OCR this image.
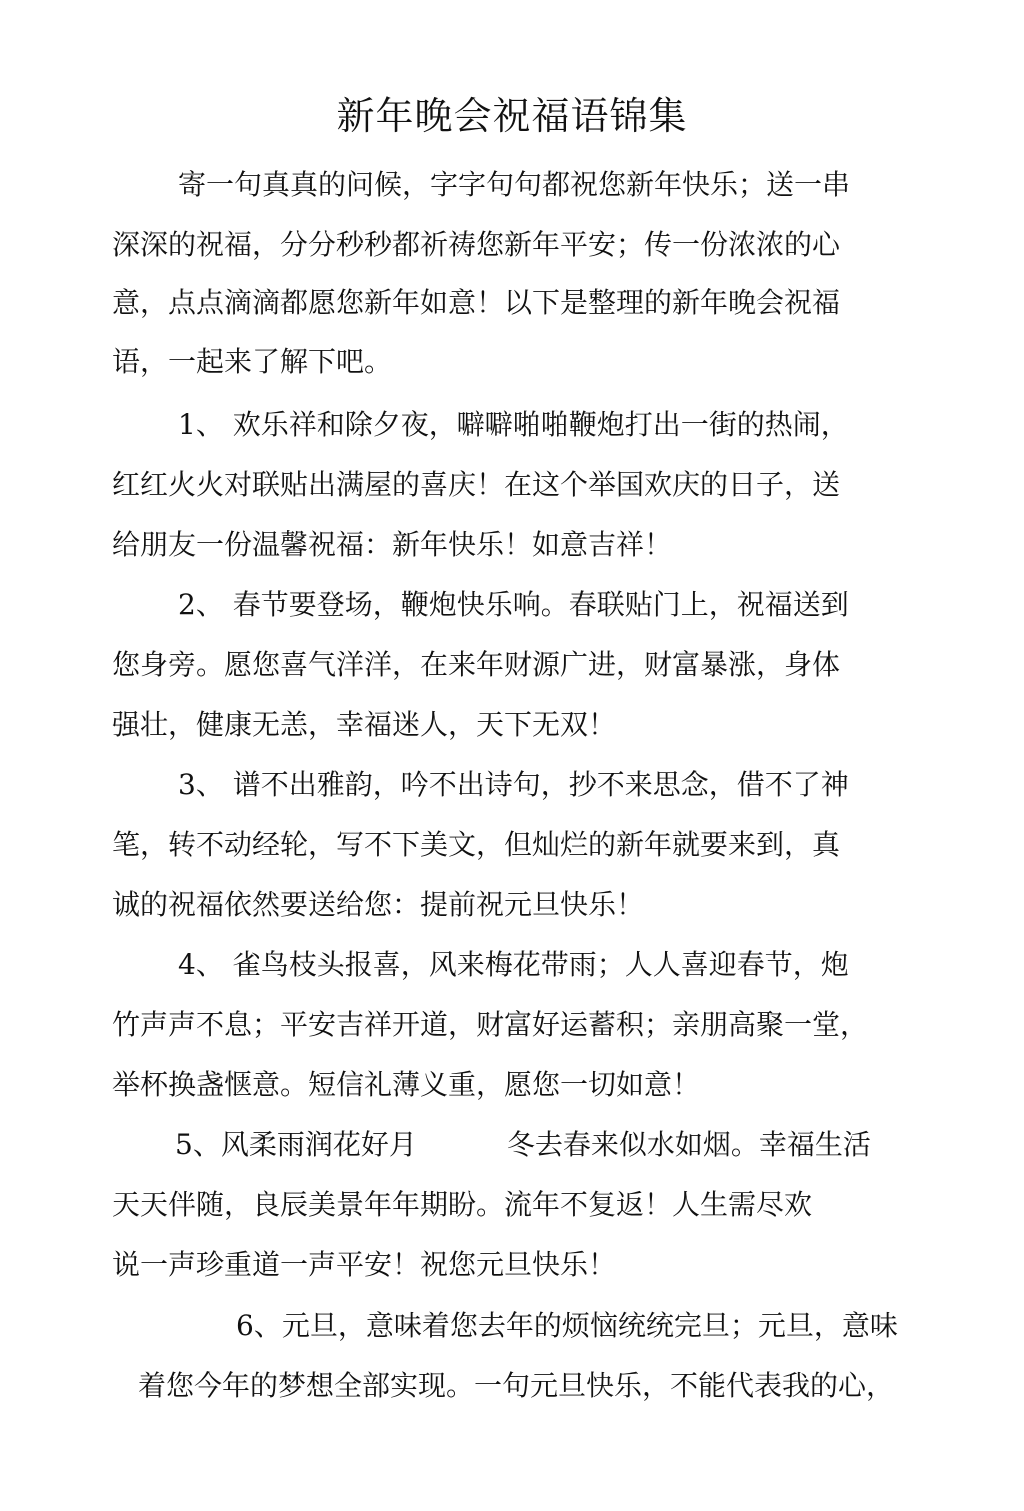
新年晚会祝福语锦集

寄一句真真的问候，字字句句都祝您新年快乐；送一串

深深的祝福，分分秒秒都祈祷您新年平安；传一份浓浓的心

意，点点滴滴都愿您新年如意！以下是整理的新年晚会祝福

语，一起来了解下吧。

1、 欢乐祥和除夕夜，噼噼啪啪鞭炮打出一街的热闹，

红红火火对联贴出满屋的喜庆！在这个举国欢庆的日子，送

给朋友一份温馨祝福：新年快乐！如意吉祥！

2、 春节要登场，鞭炮快乐响。春联贴门上，祝福送到

您身旁。愿您喜气洋洋，在来年财源广进，财富暴涨，身体

强壮，健康无恙，幸福迷人，天下无双！

3、 谱不出雅韵，吟不出诗句，抄不来思念，借不了神

笔，转不动经轮，写不下美文，但灿烂的新年就要来到，真

诚的祝福依然要送给您：提前祝元旦快乐！

4、 雀鸟枝头报喜，风来梅花带雨；人人喜迎春节，炮

竹声声不息；平安吉祥开道，财富好运蓄积；亲朋高聚一堂，

举杯换盏惬意。短信礼薄义重，愿您一切如意！

5、风柔雨润花好月	冬去春来似水如烟。幸福生活

天天伴随，良辰美景年年期盼。流年不复返！人生需尽欢

说一声珍重道一声平安！祝您元旦快乐！

6、元旦，意味着您去年的烦恼统统完旦；元旦，意味

着您今年的梦想全部实现。一句元旦快乐，不能代表我的心，
